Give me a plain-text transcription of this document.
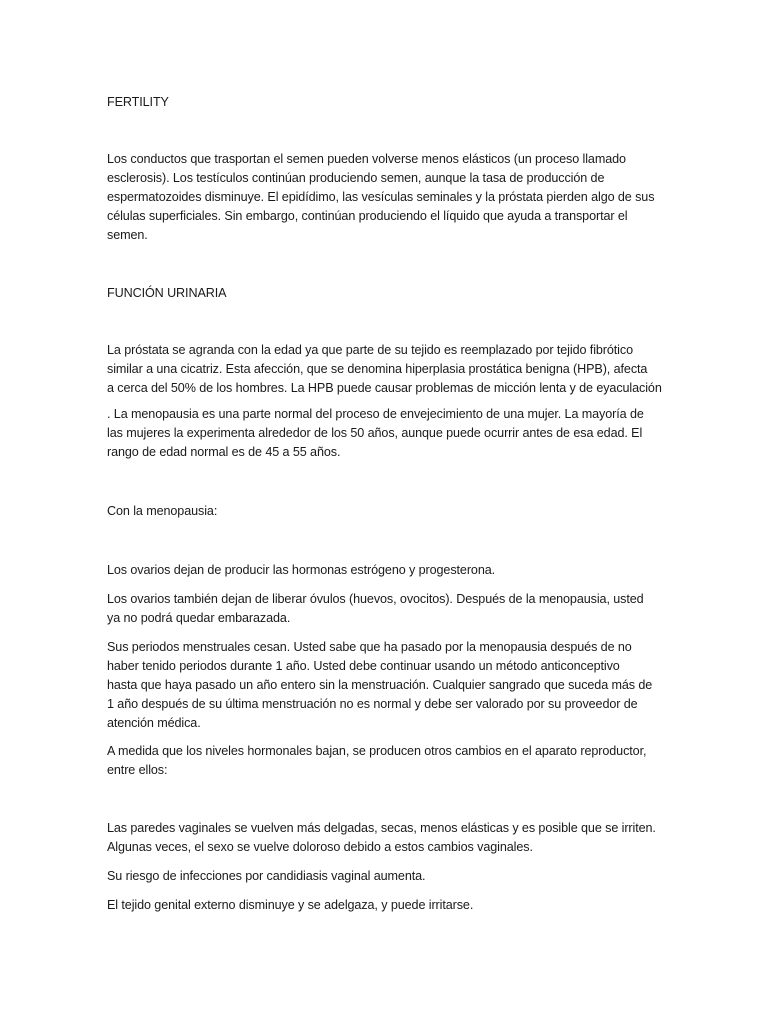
FERTILITY

Los conductos que trasportan el semen pueden volverse menos elásticos (un proceso llamado
esclerosis). Los testículos continúan produciendo semen, aunque la tasa de producción de
espermatozoides disminuye. El epidídimo, las vesículas seminales y la próstata pierden algo de sus
células superficiales. Sin embargo, continúan produciendo el líquido que ayuda a transportar el
semen.

FUNCIÓN URINARIA

La próstata se agranda con la edad ya que parte de su tejido es reemplazado por tejido fibrótico
similar a una cicatriz. Esta afección, que se denomina hiperplasia prostática benigna (HPB), afecta
a cerca del 50% de los hombres. La HPB puede causar problemas de micción lenta y de eyaculación

. La menopausia es una parte normal del proceso de envejecimiento de una mujer. La mayoría de
las mujeres la experimenta alrededor de los 50 años, aunque puede ocurrir antes de esa edad. El
rango de edad normal es de 45 a 55 años.

Con la menopausia:

Los ovarios dejan de producir las hormonas estrógeno y progesterona.

Los ovarios también dejan de liberar óvulos (huevos, ovocitos). Después de la menopausia, usted
ya no podrá quedar embarazada.

Sus periodos menstruales cesan. Usted sabe que ha pasado por la menopausia después de no
haber tenido periodos durante 1 año. Usted debe continuar usando un método anticonceptivo
hasta que haya pasado un año entero sin la menstruación. Cualquier sangrado que suceda más de
1 año después de su última menstruación no es normal y debe ser valorado por su proveedor de
atención médica.

A medida que los niveles hormonales bajan, se producen otros cambios en el aparato reproductor,
entre ellos:

Las paredes vaginales se vuelven más delgadas, secas, menos elásticas y es posible que se irriten.
Algunas veces, el sexo se vuelve doloroso debido a estos cambios vaginales.

Su riesgo de infecciones por candidiasis vaginal aumenta.

El tejido genital externo disminuye y se adelgaza, y puede irritarse.
